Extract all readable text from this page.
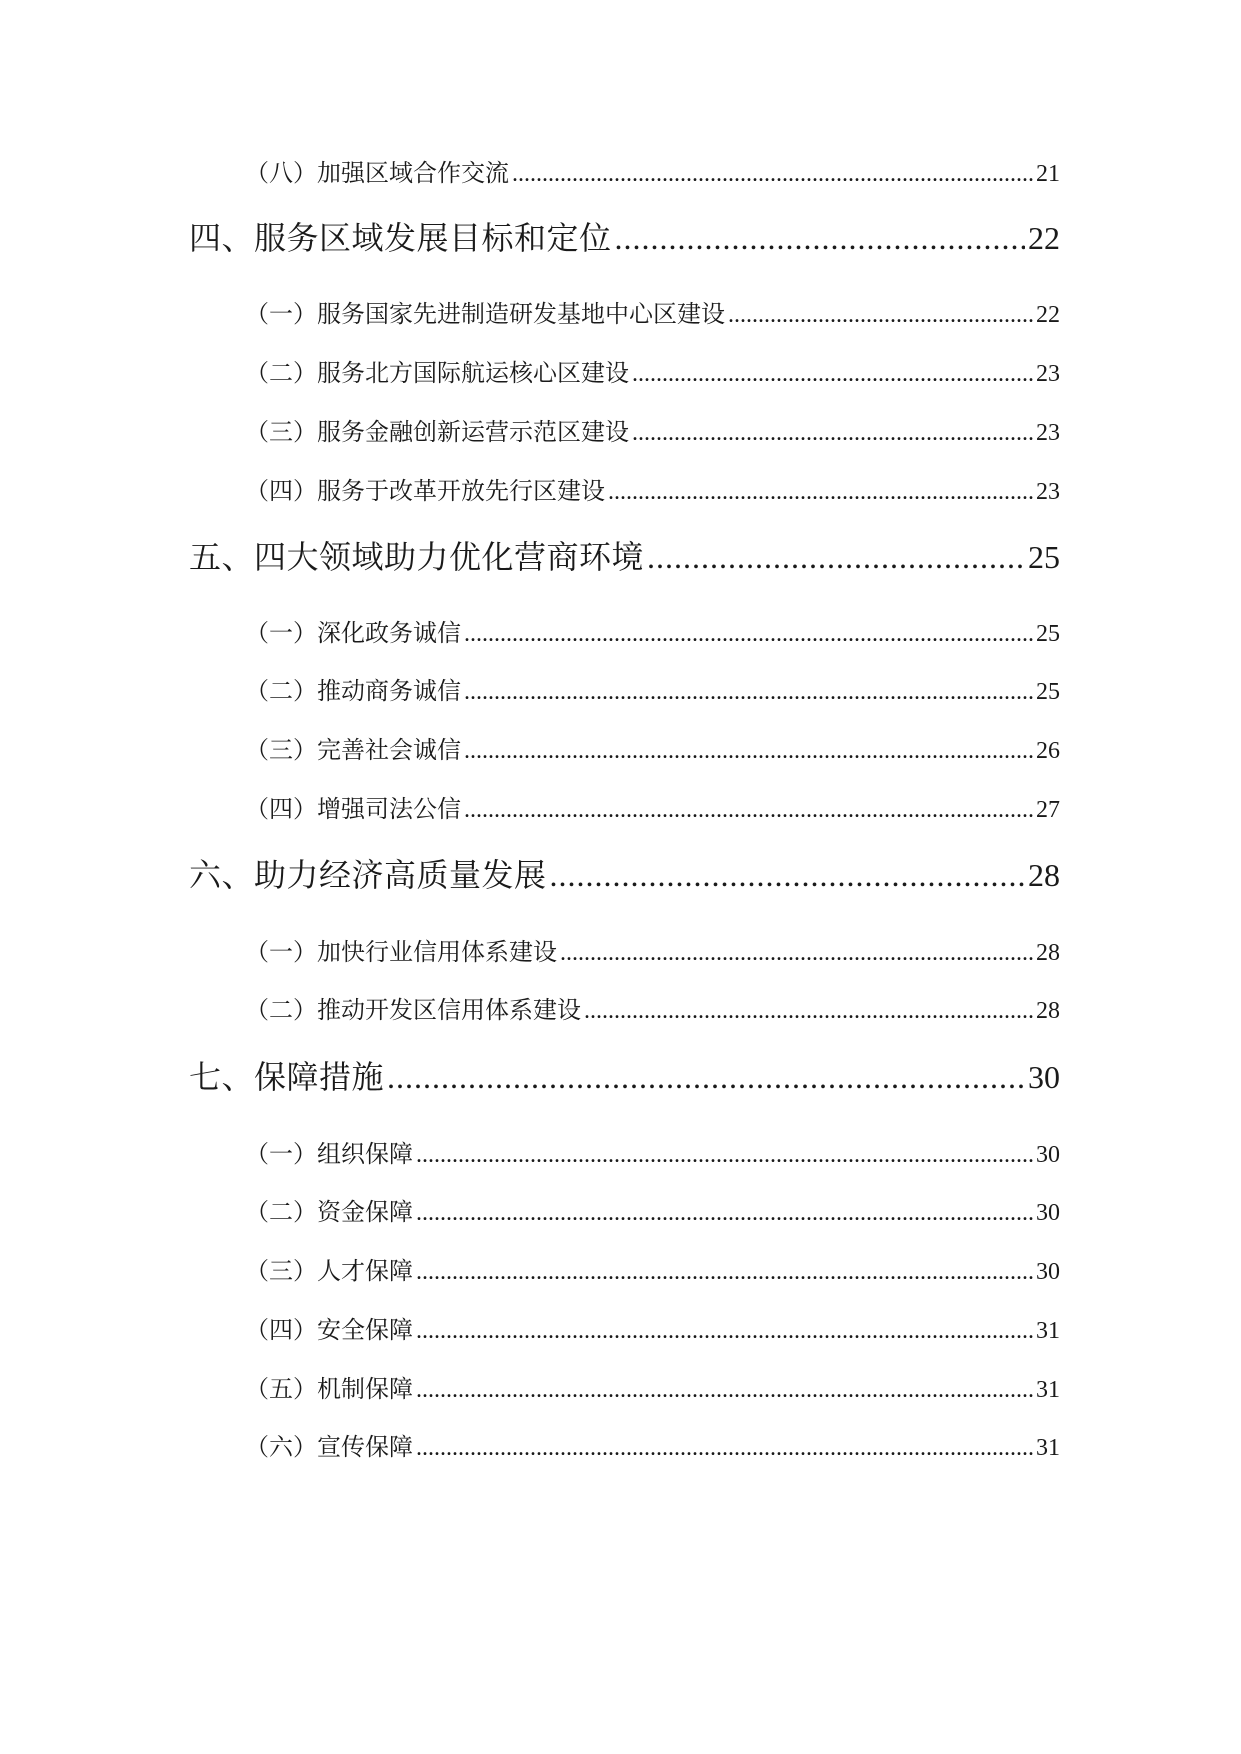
（八）加强区域合作交流 .....	21
四、服务区域发展目标和定位 .....	22
（一）服务国家先进制造研发基地中心区建设 .....	22
（二）服务北方国际航运核心区建设 .....	23
（三）服务金融创新运营示范区建设 .....	23
（四）服务于改革开放先行区建设 .....	23
五、四大领域助力优化营商环境 .....	25
（一）深化政务诚信 .....	25
（二）推动商务诚信 .....	25
（三）完善社会诚信 .....	26
（四）增强司法公信 .....	27
六、助力经济高质量发展 .....	28
（一）加快行业信用体系建设 .....	28
（二）推动开发区信用体系建设 .....	28
七、保障措施 .....	30
（一）组织保障 .....	30
（二）资金保障 .....	30
（三）人才保障 .....	30
（四）安全保障 .....	31
（五）机制保障 .....	31
（六）宣传保障 .....	31
